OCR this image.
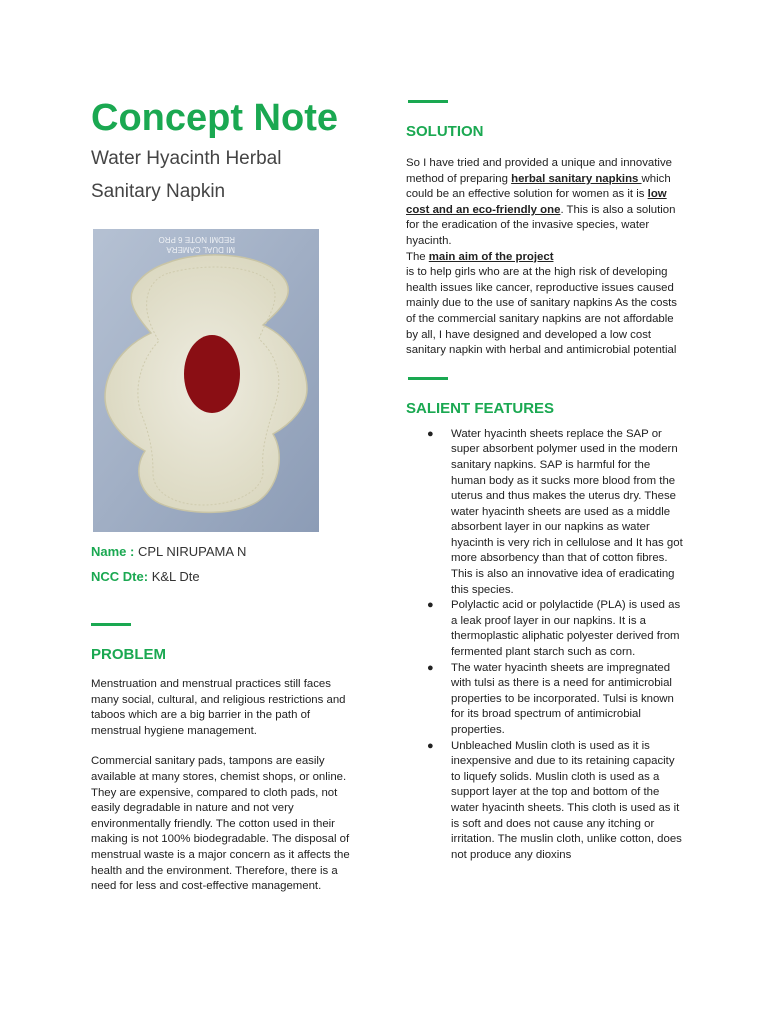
Concept Note
Water Hyacinth Herbal
Sanitary Napkin
REDMI NOTE 6 PRO
MI DUAL CAMERA
Name : CPL NIRUPAMA N
NCC Dte: K&L Dte
PROBLEM

Menstruation and menstrual practices still faces many social, cultural, and religious restrictions and taboos which are a big barrier in the path of menstrual hygiene management.

Commercial sanitary pads, tampons are easily available at many stores, chemist shops, or online. They are expensive, compared to cloth pads, not easily degradable in nature and not very environmentally friendly. The cotton used in their making is not 100% biodegradable. The disposal of menstrual waste is a major concern as it affects the health and the environment. Therefore, there is a need for less and cost-effective management.

SOLUTION

So I have tried and provided a unique and innovative method of preparing herbal sanitary napkins which could be an effective solution for women as it is low cost and an eco-friendly one. This is also a solution for the eradication of the invasive species, water hyacinth.
The main aim of the project
is to help girls who are at the high risk of developing health issues like cancer, reproductive issues caused mainly due to the use of sanitary napkins As the costs of the commercial sanitary napkins are not affordable by all, I have designed and developed a low cost sanitary napkin with herbal and antimicrobial potential

SALIENT FEATURES
● Water hyacinth sheets replace the SAP or super absorbent polymer used in the modern sanitary napkins. SAP is harmful for the human body as it sucks more blood from the uterus and thus makes the uterus dry. These water hyacinth sheets are used as a middle absorbent layer in our napkins as water hyacinth is very rich in cellulose and It has got more absorbency than that of cotton fibres. This is also an innovative idea of eradicating this species.
● Polylactic acid or polylactide (PLA) is used as a leak proof layer in our napkins. It is a thermoplastic aliphatic polyester derived from fermented plant starch such as corn.
● The water hyacinth sheets are impregnated with tulsi as there is a need for antimicrobial properties to be incorporated. Tulsi is known for its broad spectrum of antimicrobial properties.
● Unbleached Muslin cloth is used as it is inexpensive and due to its retaining capacity to liquefy solids. Muslin cloth is used as a support layer at the top and bottom of the water hyacinth sheets. This cloth is used as it is soft and does not cause any itching or irritation. The muslin cloth, unlike cotton, does not produce any dioxins
